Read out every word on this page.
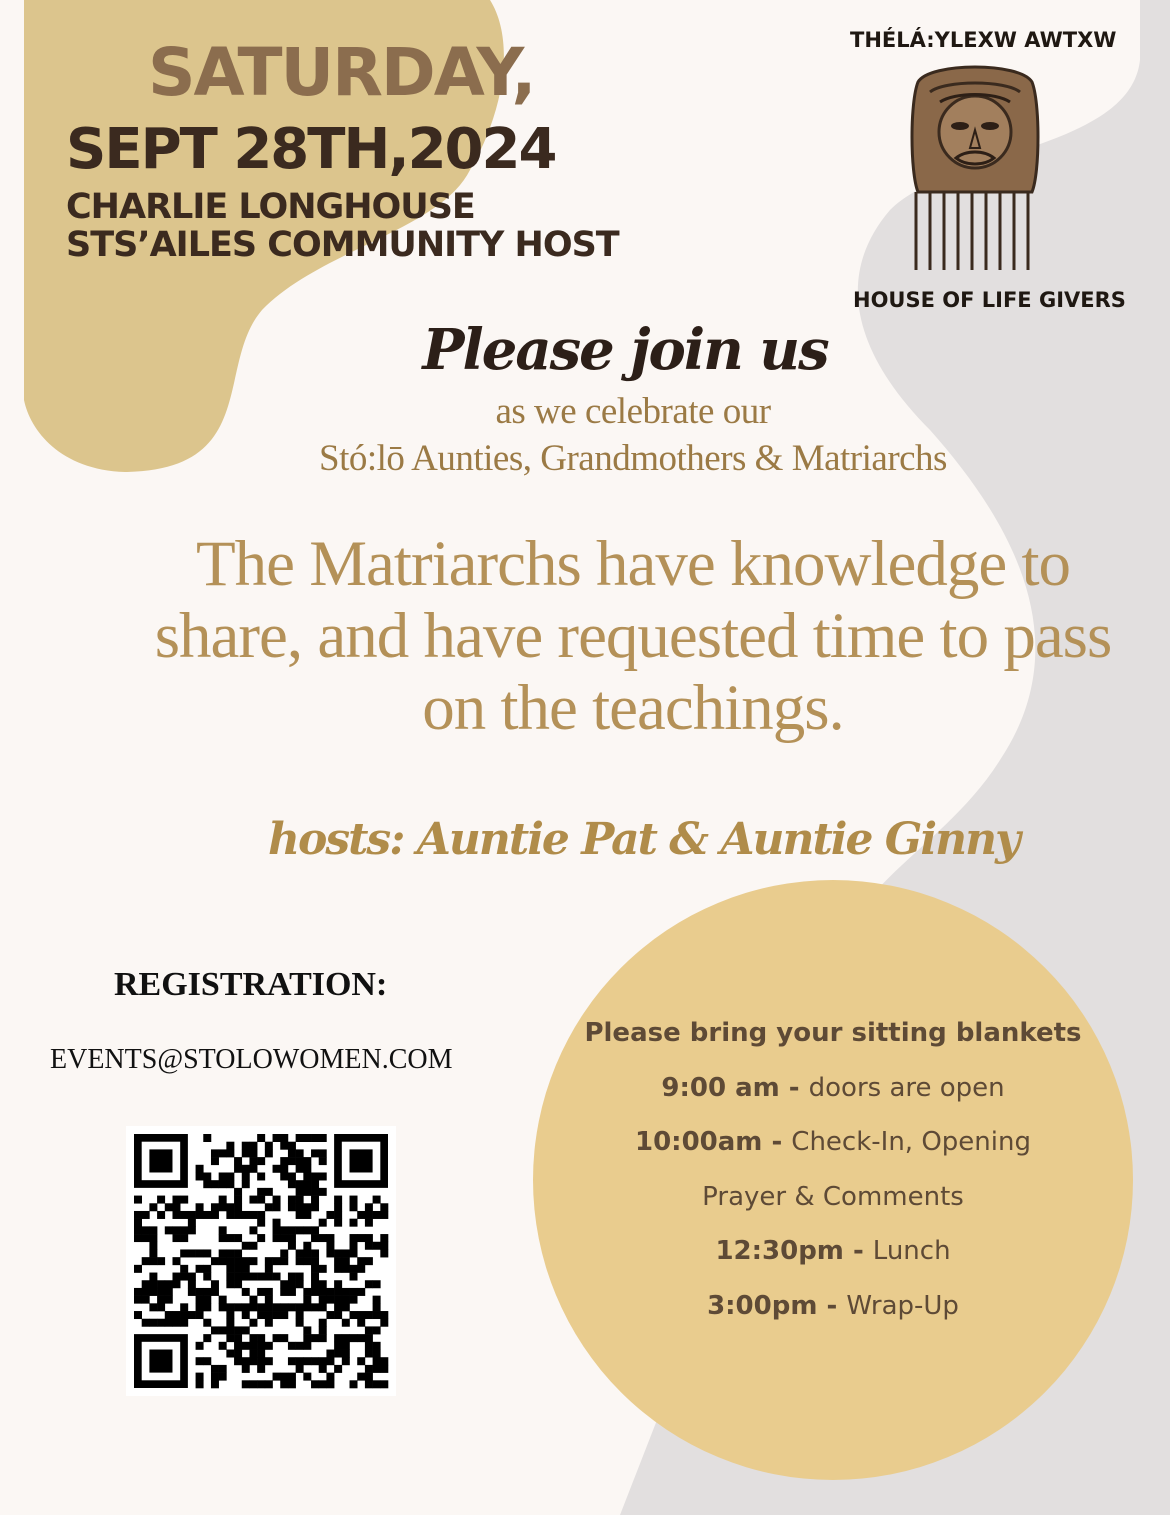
SATURDAY,
SEPT 28TH,2024
CHARLIE LONGHOUSE
STS’AILES COMMUNITY HOST
THÉLÁ:YLEXW AWTXW
HOUSE OF LIFE GIVERS
Please join us
as we celebrate our
Stó:lō Aunties, Grandmothers & Matriarchs
The Matriarchs have knowledge to share, and have requested time to pass on the teachings.
hosts: Auntie Pat & Auntie Ginny
REGISTRATION:
EVENTS@STOLOWOMEN.COM
Please bring your sitting blankets
9:00 am - doors are open
10:00am - Check-In, Opening
Prayer & Comments
12:30pm - Lunch
3:00pm - Wrap-Up
